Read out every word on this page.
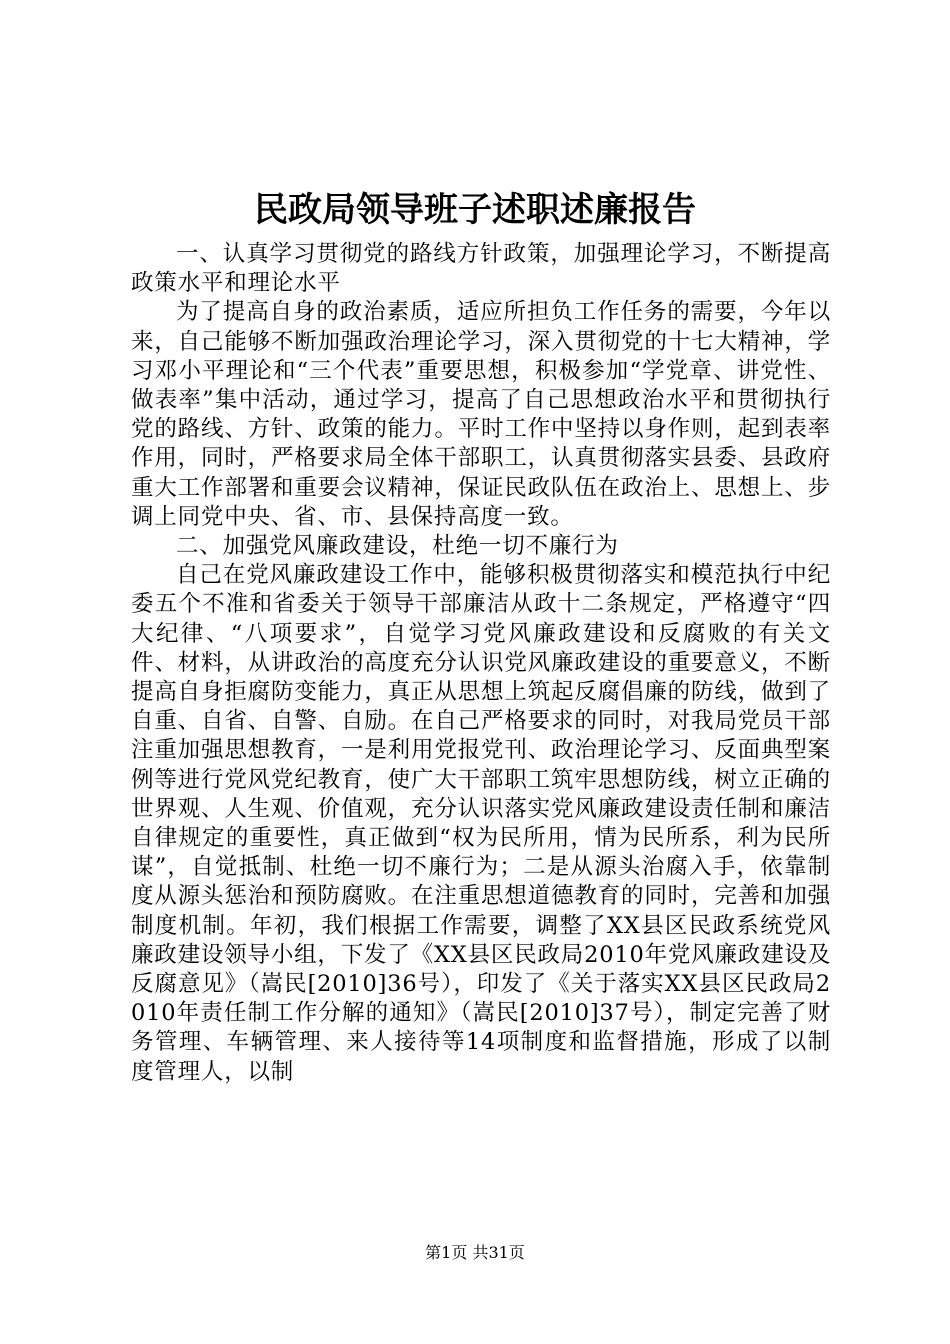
民政局领导班子述职述廉报告

一、认真学习贯彻党的路线方针政策，加强理论学习，不断提高政策水平和理论水平

为了提高自身的政治素质，适应所担负工作任务的需要，今年以来，自己能够不断加强政治理论学习，深入贯彻党的十七大精神，学习邓小平理论和“三个代表”重要思想，积极参加“学党章、讲党性、做表率”集中活动，通过学习，提高了自己思想政治水平和贯彻执行党的路线、方针、政策的能力。平时工作中坚持以身作则，起到表率作用，同时，严格要求局全体干部职工，认真贯彻落实县委、县政府重大工作部署和重要会议精神，保证民政队伍在政治上、思想上、步调上同党中央、省、市、县保持高度一致。

二、加强党风廉政建设，杜绝一切不廉行为

自己在党风廉政建设工作中，能够积极贯彻落实和模范执行中纪委五个不准和省委关于领导干部廉洁从政十二条规定，严格遵守“四大纪律、“八项要求”，自觉学习党风廉政建设和反腐败的有关文件、材料，从讲政治的高度充分认识党风廉政建设的重要意义，不断提高自身拒腐防变能力，真正从思想上筑起反腐倡廉的防线，做到了自重、自省、自警、自励。在自己严格要求的同时，对我局党员干部注重加强思想教育，一是利用党报党刊、政治理论学习、反面典型案例等进行党风党纪教育，使广大干部职工筑牢思想防线，树立正确的世界观、人生观、价值观，充分认识落实党风廉政建设责任制和廉洁自律规定的重要性，真正做到“权为民所用，情为民所系，利为民所谋”，自觉抵制、杜绝一切不廉行为；二是从源头治腐入手，依靠制度从源头惩治和预防腐败。在注重思想道德教育的同时，完善和加强制度机制。年初，我们根据工作需要，调整了XX县区民政系统党风廉政建设领导小组，下发了《XX县区民政局2010年党风廉政建设及反腐意见》（嵩民[2010]36号），印发了《关于落实XX县区民政局2010年责任制工作分解的通知》（嵩民[2010]37号），制定完善了财务管理、车辆管理、来人接待等14项制度和监督措施，形成了以制度管理人，以制

第1页 共31页
